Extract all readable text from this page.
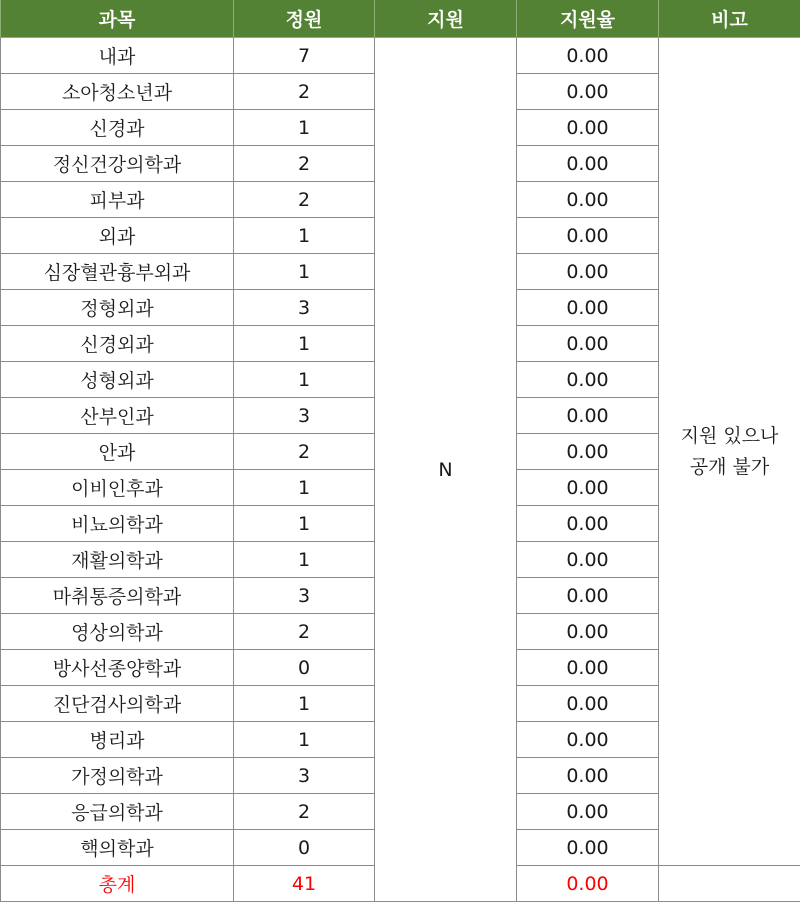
과목	정원	지원	지원율	비고
내과	7	N	0.00	지원 있으나
공개 불가

소아청소년과	2		0.00	
신경과	1		0.00	
정신건강의학과	2		0.00	
피부과	2		0.00	
외과	1		0.00	
심장혈관흉부외과	1		0.00	
정형외과	3		0.00	
신경외과	1		0.00	
성형외과	1		0.00	
산부인과	3		0.00	
안과	2		0.00	
이비인후과	1		0.00	
비뇨의학과	1		0.00	
재활의학과	1		0.00	
마취통증의학과	3		0.00	
영상의학과	2		0.00	
방사선종양학과	0		0.00	
진단검사의학과	1		0.00	
병리과	1		0.00	
가정의학과	3		0.00	
응급의학과	2		0.00	
핵의학과	0		0.00	
총계	41		0.00	
